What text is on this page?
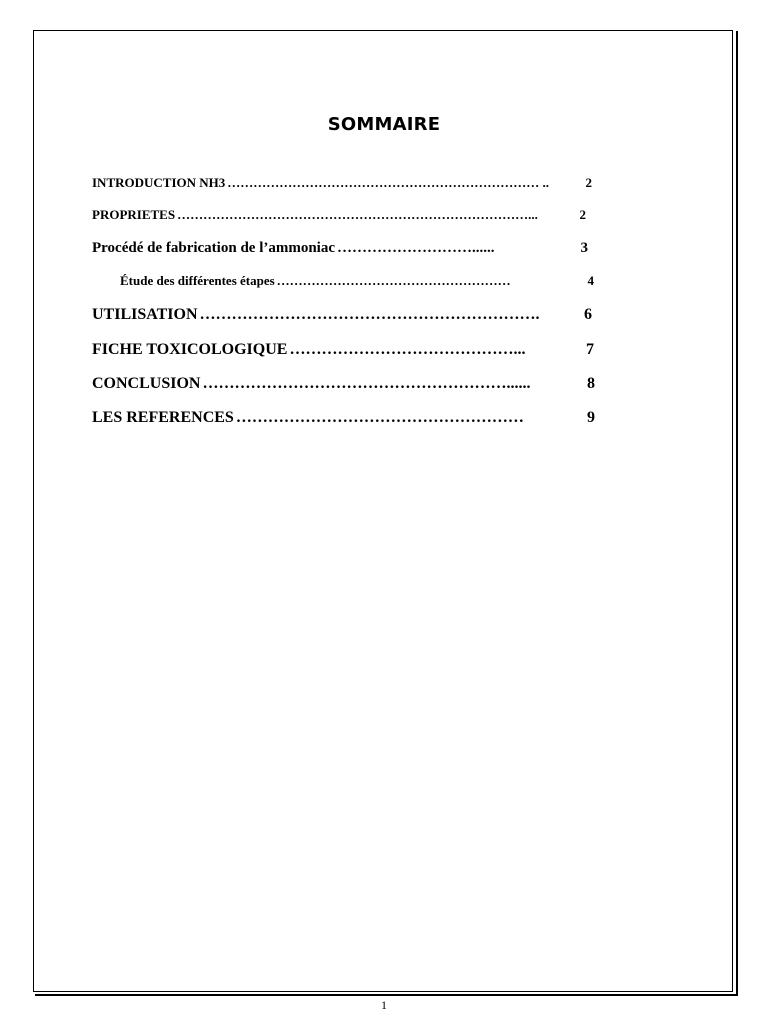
SOMMAIRE
INTRODUCTION NH3 ……………………………………………………………… ..	2
PROPRIETES ………………………………………………………………………...	2
Procédé de fabrication de l’ammoniac ………………………......	3
Étude des différentes étapes ………………………………………………	4
UTILISATION ……………………………………………………….	6
FICHE TOXICOLOGIQUE ……………………………………...	7
CONCLUSION …………………………………………………......	8
LES REFERENCES ………………………………………………	9
1
